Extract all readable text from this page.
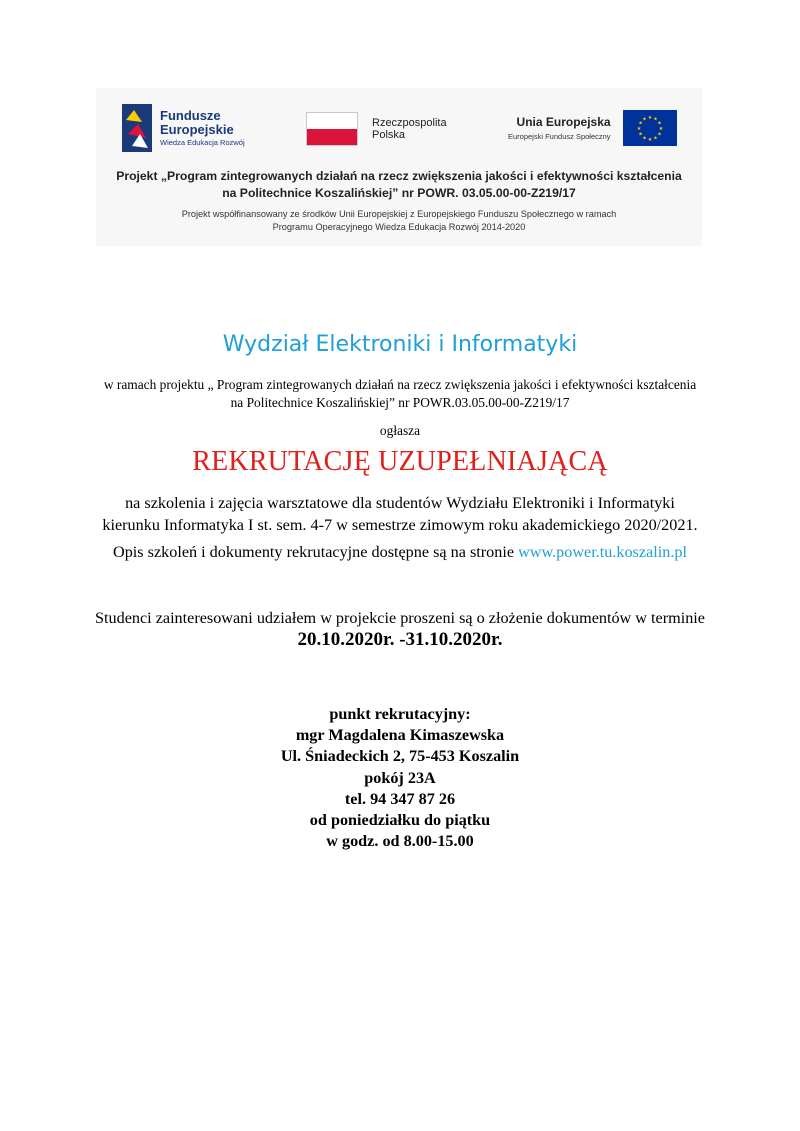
Fundusze
Europejskie
Wiedza Edukacja Rozwój
Rzeczpospolita
Polska
Unia Europejska
Europejski Fundusz Społeczny
★ ★
★
★
★
★
★
★
★
★
★
★
Projekt „Program zintegrowanych działań na rzecz zwiększenia jakości i efektywności kształcenia
na Politechnice Koszalińskiej” nr POWR. 03.05.00-00-Z219/17
Projekt współfinansowany ze środków Unii Europejskiej z Europejskiego Funduszu Społecznego w ramach
Programu Operacyjnego Wiedza Edukacja Rozwój 2014-2020
Wydział Elektroniki i Informatyki
w ramach projektu „ Program zintegrowanych działań na rzecz zwiększenia jakości i efektywności kształcenia
na Politechnice Koszalińskiej” nr POWR.03.05.00-00-Z219/17
ogłasza
REKRUTACJĘ UZUPEŁNIAJĄCĄ
na szkolenia i zajęcia warsztatowe dla studentów Wydziału Elektroniki i Informatyki
kierunku Informatyka I st. sem. 4-7 w semestrze zimowym roku akademickiego 2020/2021.
Opis szkoleń i dokumenty rekrutacyjne dostępne są na stronie www.power.tu.koszalin.pl
Studenci zainteresowani udziałem w projekcie proszeni są o złożenie dokumentów w terminie
20.10.2020r. -31.10.2020r.
punkt rekrutacyjny:
mgr Magdalena Kimaszewska
Ul. Śniadeckich 2, 75-453 Koszalin
pokój 23A
tel. 94 347 87 26
od poniedziałku do piątku
w godz. od 8.00-15.00
